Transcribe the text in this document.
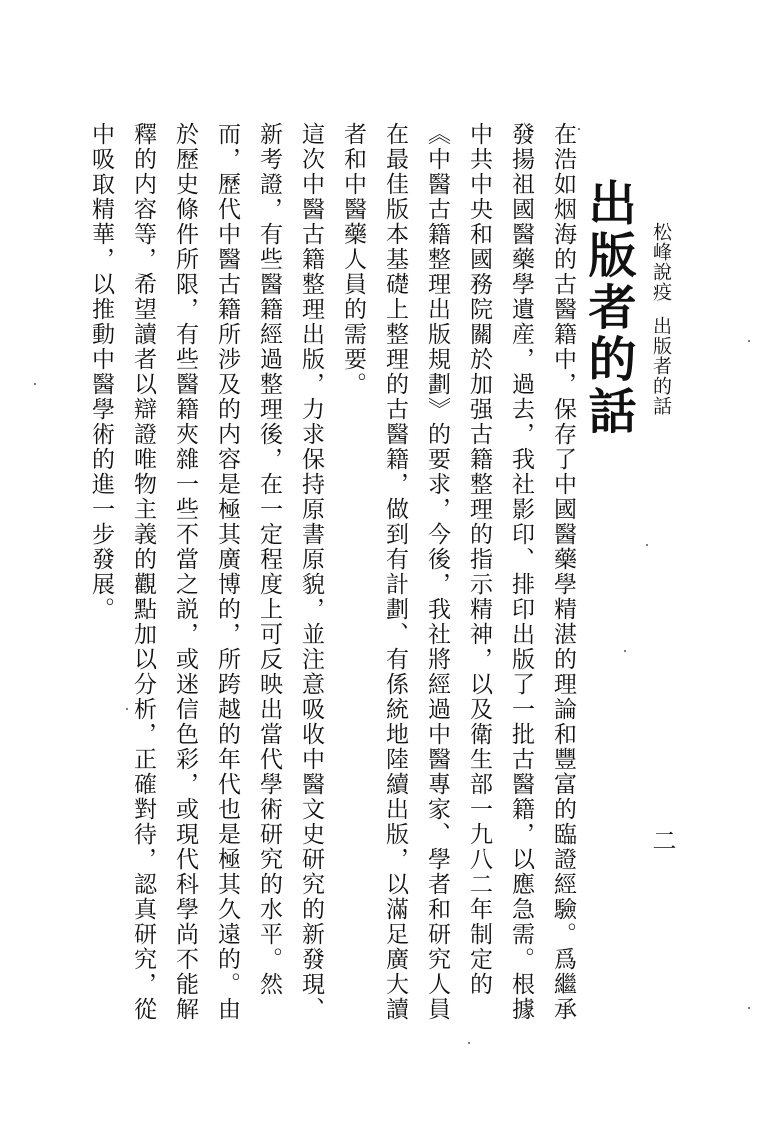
松峰說疫出版者的話
出版者的話
二

在浩如烟海的古醫籍中，保存了中國醫藥學精湛的理論和豐富的臨證經驗。爲繼承發揚祖國醫藥學遺産，過去，我社影印、排印出版了一批古醫籍，以應急需。根據中共中央和國務院關於加强古籍整理的指示精神，以及衛生部一九八二年制定的《中醫古籍整理出版規劃》的要求，今後，我社將經過中醫專家、學者和研究人員在最佳版本基礎上整理的古醫籍，做到有計劃、有係統地陸續出版，以滿足廣大讀者和中醫藥人員的需要。

這次中醫古籍整理出版，力求保持原書原貌，並注意吸收中醫文史研究的新發現、新考證，有些醫籍經過整理後，在一定程度上可反映出當代學術研究的水平。然而，歷代中醫古籍所涉及的内容是極其廣博的，所跨越的年代也是極其久遠的。由於歷史條件所限，有些醫籍夾雜一些不當之説，或迷信色彩，或現代科學尚不能解釋的内容等，希望讀者以辯證唯物主義的觀點加以分析，正確對待，認真研究，從中吸取精華，以推動中醫學術的進一步發展。
